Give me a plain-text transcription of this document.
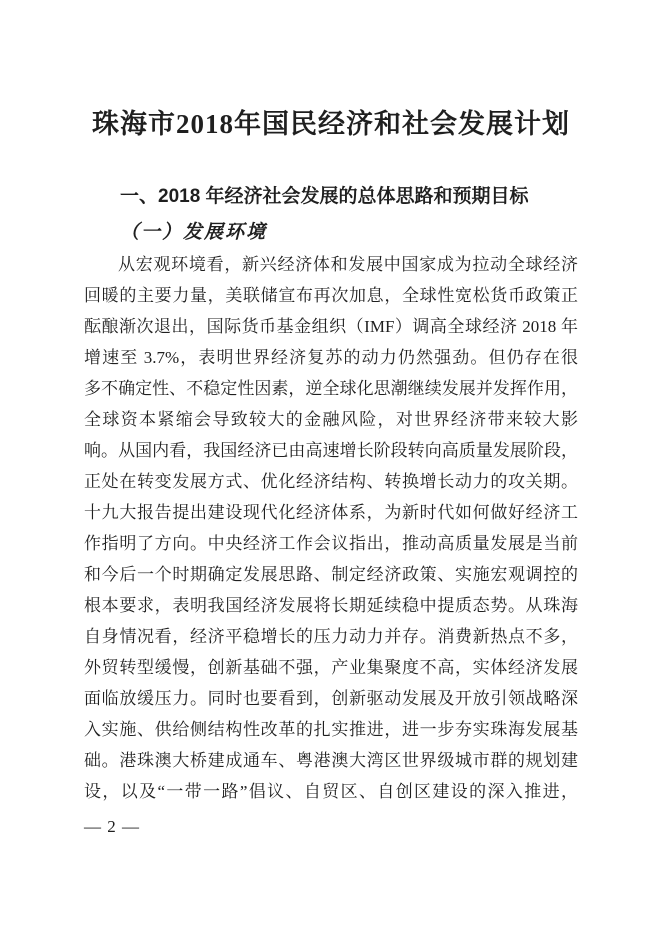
珠海市2018年国民经济和社会发展计划
一、2018 年经济社会发展的总体思路和预期目标
（一）发展环境
从宏观环境看，新兴经济体和发展中国家成为拉动全球经济
回暖的主要力量，美联储宣布再次加息，全球性宽松货币政策正
酝酿渐次退出，国际货币基金组织（IMF）调高全球经济 2018 年
增速至 3.7%，表明世界经济复苏的动力仍然强劲。但仍存在很
多不确定性、不稳定性因素，逆全球化思潮继续发展并发挥作用，
全球资本紧缩会导致较大的金融风险，对世界经济带来较大影
响。从国内看，我国经济已由高速增长阶段转向高质量发展阶段，
正处在转变发展方式、优化经济结构、转换增长动力的攻关期。
十九大报告提出建设现代化经济体系，为新时代如何做好经济工
作指明了方向。中央经济工作会议指出，推动高质量发展是当前
和今后一个时期确定发展思路、制定经济政策、实施宏观调控的
根本要求，表明我国经济发展将长期延续稳中提质态势。从珠海
自身情况看，经济平稳增长的压力动力并存。消费新热点不多，
外贸转型缓慢，创新基础不强，产业集聚度不高，实体经济发展
面临放缓压力。同时也要看到，创新驱动发展及开放引领战略深
入实施、供给侧结构性改革的扎实推进，进一步夯实珠海发展基
础。港珠澳大桥建成通车、粤港澳大湾区世界级城市群的规划建
设，以及“一带一路”倡议、自贸区、自创区建设的深入推进，
— 2 —
